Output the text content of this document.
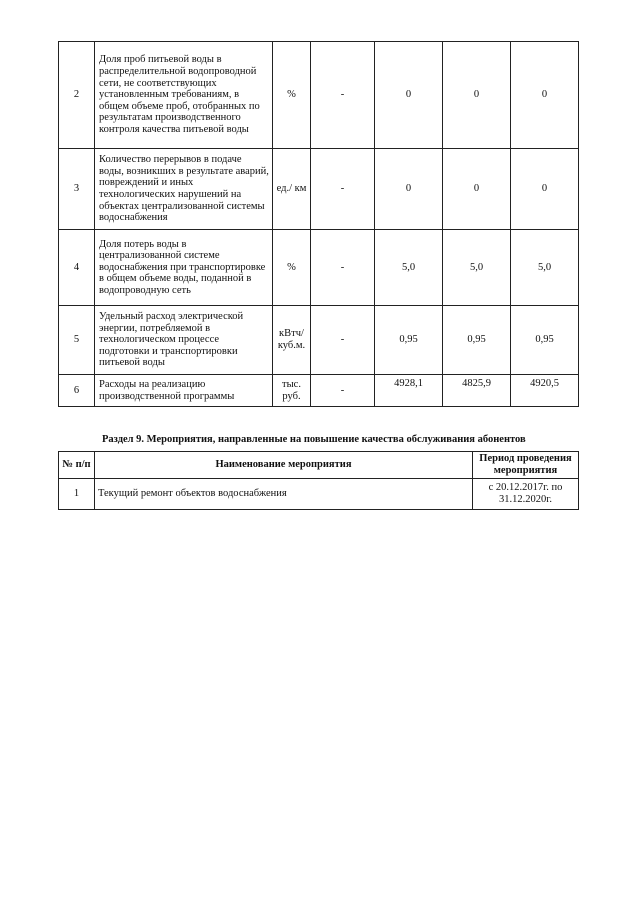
2	Доля проб питьевой воды в распределительной водопроводной сети, не соответствующих установленным требованиям, в общем объеме проб, отобранных по результатам производственного контроля качества питьевой воды	%	-	0	0	0
3	Количество перерывов в подаче воды, возникших в результате аварий, повреждений и иных технологических нарушений на объектах централизованной системы водоснабжения	ед./ км	-	0	0	0
4	Доля потерь воды в централизованной системе водоснабжения при транспортировке в общем объеме воды, поданной в водопроводную сеть	%	-	5,0	5,0	5,0
5	Удельный расход электрической энергии, потребляемой в технологическом процессе подготовки и транспортировки питьевой воды	кВтч/ куб.м.	-	0,95	0,95	0,95
6	Расходы на реализацию производственной программы	тыс. руб.	-	4928,1	4825,9	4920,5
Раздел 9. Мероприятия, направленные на повышение качества обслуживания абонентов
№ п/п	Наименование мероприятия	Период проведения мероприятия
1	Текущий ремонт объектов водоснабжения	с 20.12.2017г. по 31.12.2020г.
